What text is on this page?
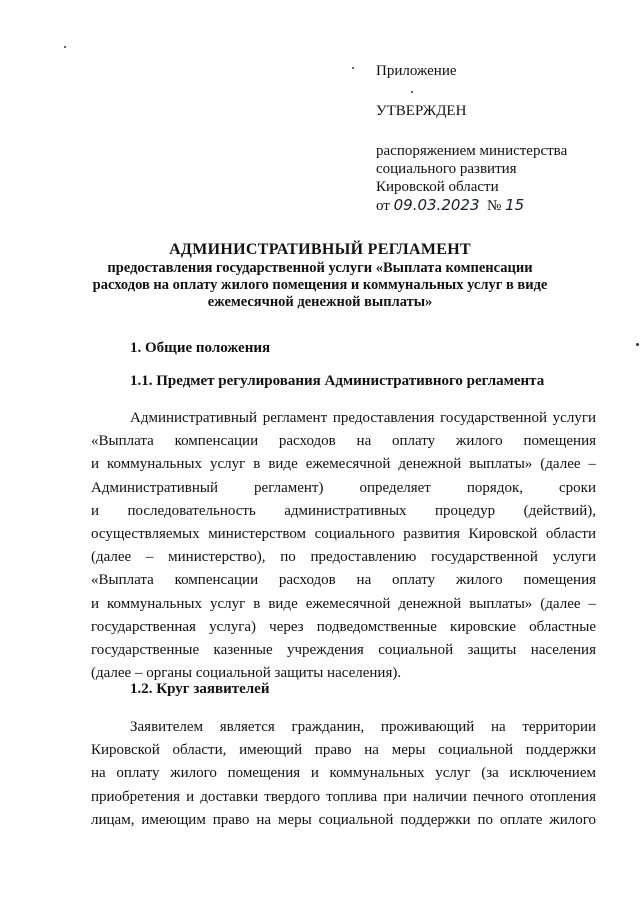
Приложение
УТВЕРЖДЕН
распоряжением министерства
социального развития
Кировской области
от 09.03.2023 № 15
АДМИНИСТРАТИВНЫЙ РЕГЛАМЕНТ
предоставления государственной услуги «Выплата компенсации
расходов на оплату жилого помещения и коммунальных услуг в виде
ежемесячной денежной выплаты»
1. Общие положения
1.1. Предмет регулирования Административного регламента
Административный регламент предоставления государственной услуги
«Выплата компенсации расходов на оплату жилого помещения
и коммунальных услуг в виде ежемесячной денежной выплаты» (далее –
Административный регламент) определяет порядок, сроки
и последовательность административных процедур (действий),
осуществляемых министерством социального развития Кировской области
(далее – министерство), по предоставлению государственной услуги
«Выплата компенсации расходов на оплату жилого помещения
и коммунальных услуг в виде ежемесячной денежной выплаты» (далее –
государственная услуга) через подведомственные кировские областные
государственные казенные учреждения социальной защиты населения
(далее – органы социальной защиты населения).
1.2. Круг заявителей
Заявителем является гражданин, проживающий на территории
Кировской области, имеющий право на меры социальной поддержки
на оплату жилого помещения и коммунальных услуг (за исключением
приобретения и доставки твердого топлива при наличии печного отопления
лицам, имеющим право на меры социальной поддержки по оплате жилого
